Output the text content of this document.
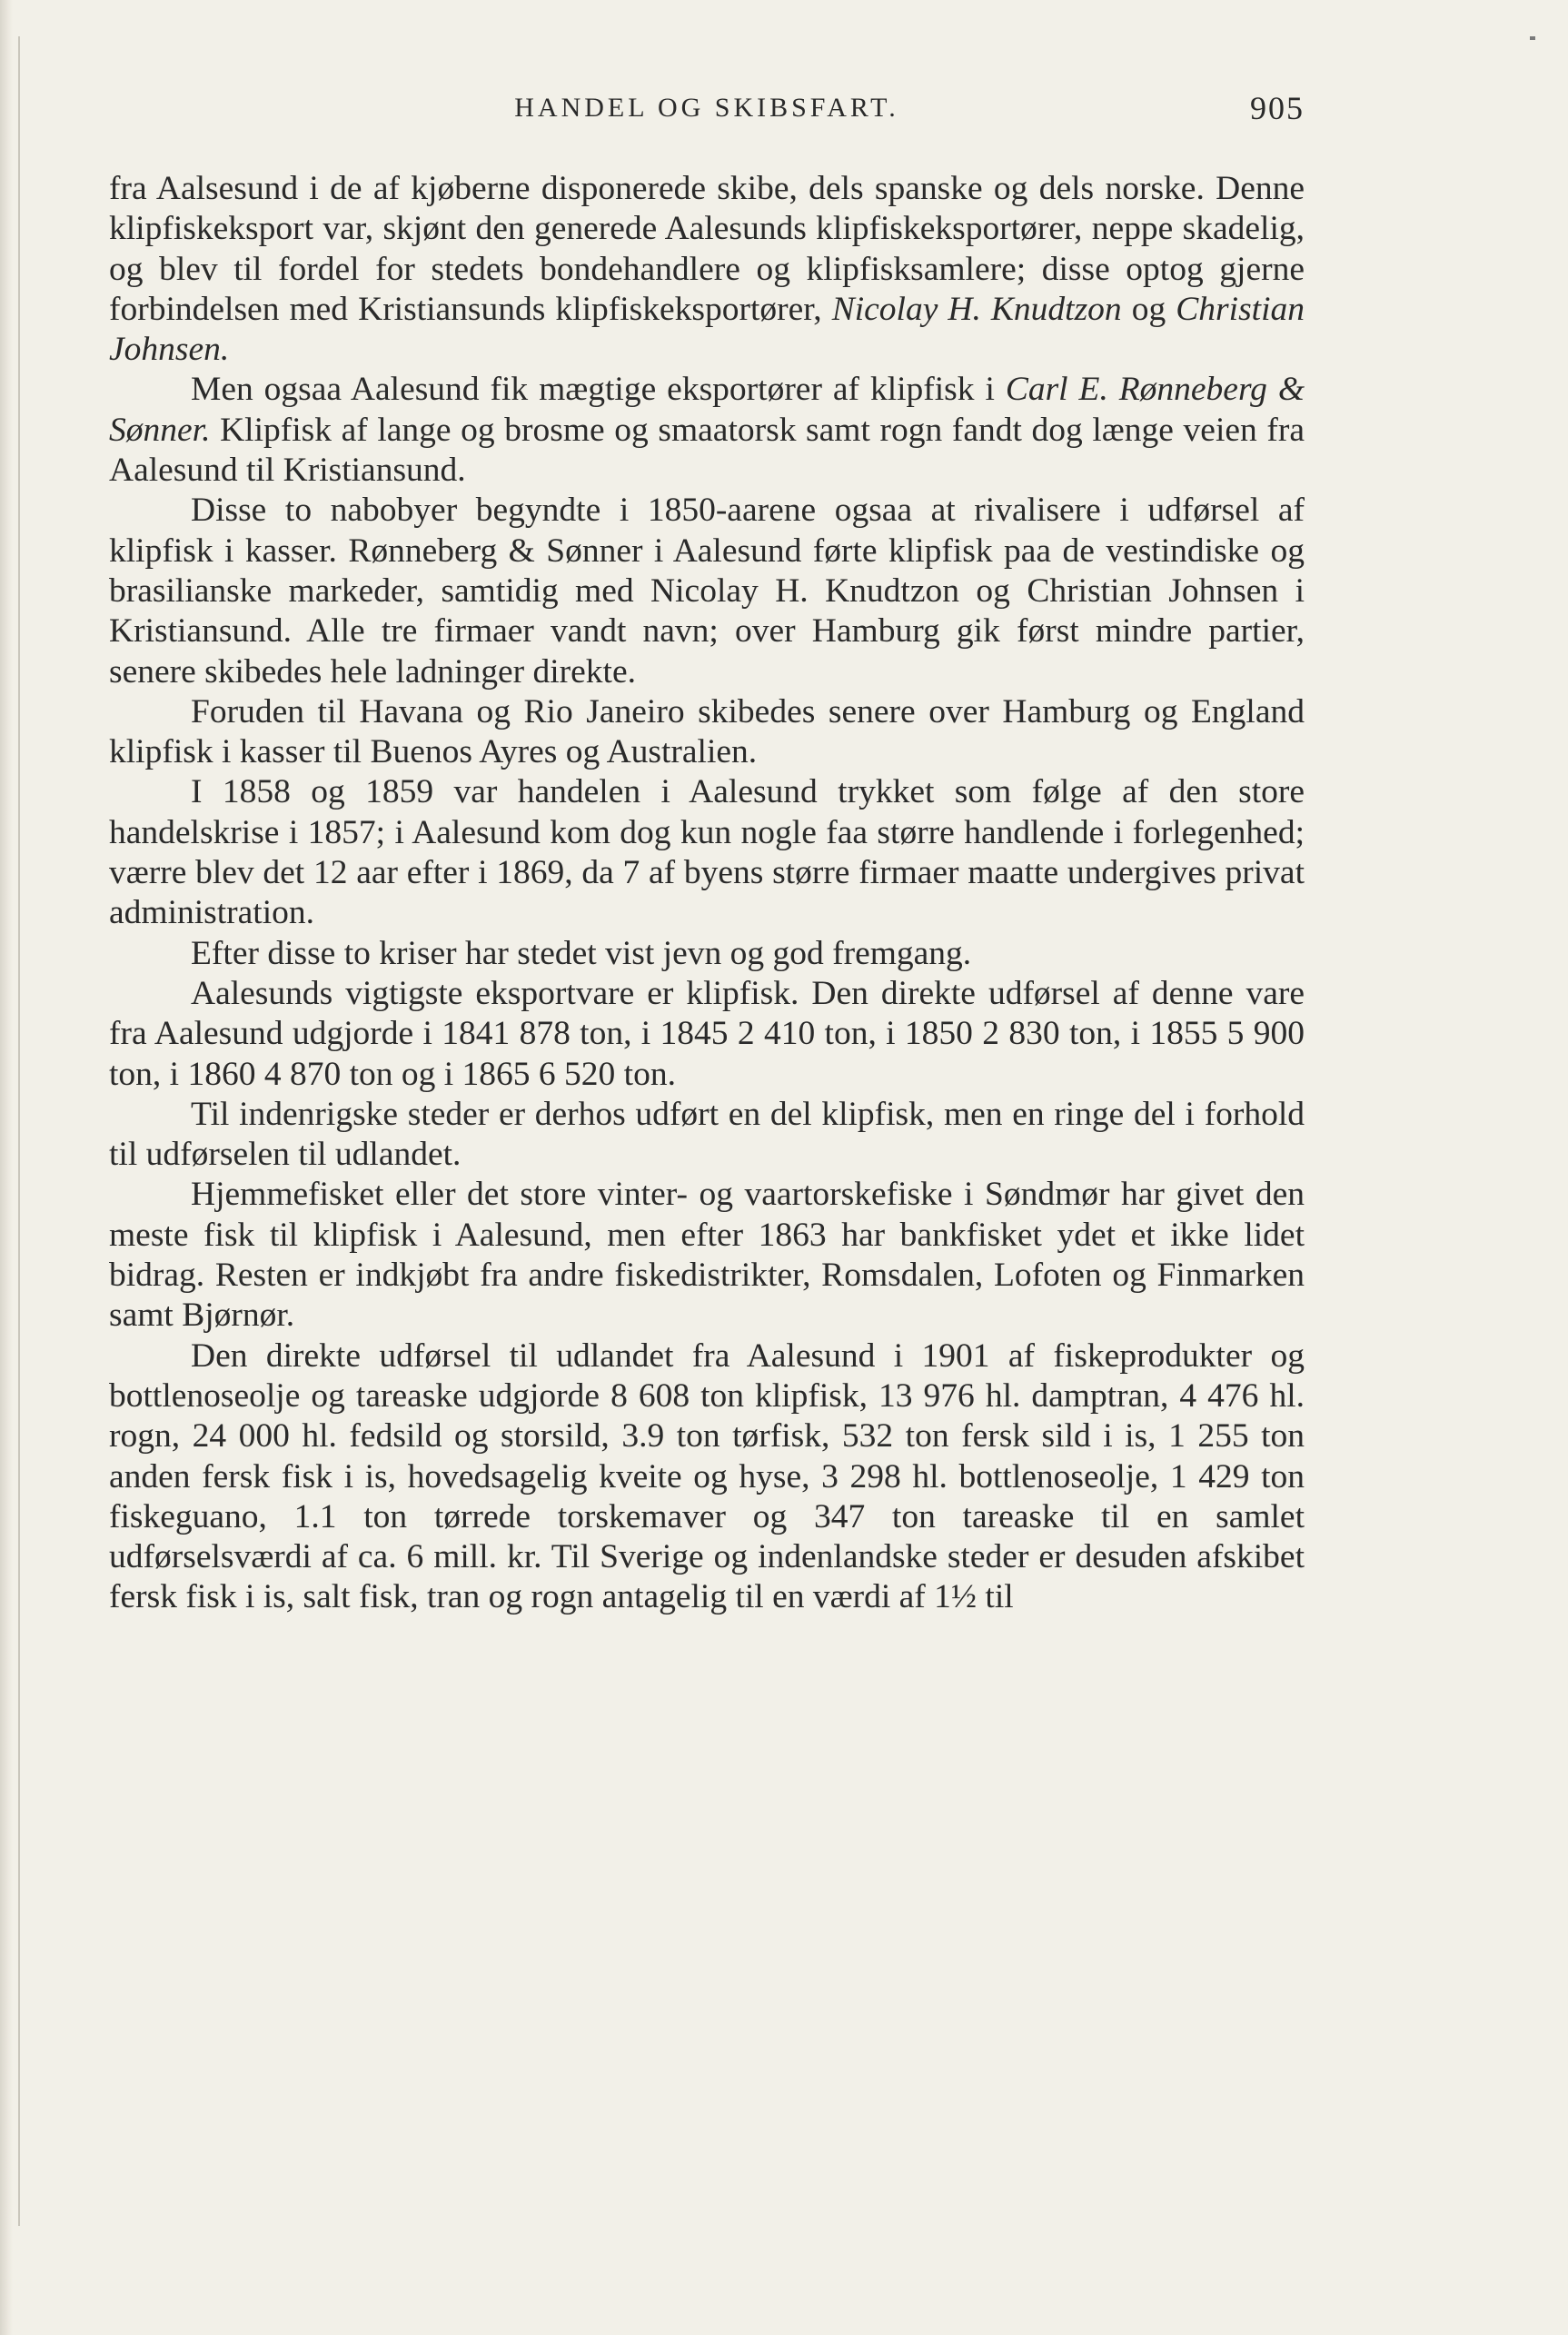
HANDEL OG SKIBSFART.	905

fra Aalsesund i de af kjøberne disponerede skibe, dels spanske og dels norske. Denne klipfiskeksport var, skjønt den generede Aalesunds klipfiskeksportører, neppe skadelig, og blev til fordel for stedets bondehandlere og klipfisksamlere; disse optog gjerne forbindelsen med Kristiansunds klipfiskeksportører, Nicolay H. Knudtzon og Christian Johnsen.

Men ogsaa Aalesund fik mægtige eksportører af klipfisk i Carl E. Rønneberg & Sønner. Klipfisk af lange og brosme og smaatorsk samt rogn fandt dog længe veien fra Aalesund til Kristiansund.

Disse to nabobyer begyndte i 1850-aarene ogsaa at rivalisere i udførsel af klipfisk i kasser. Rønneberg & Sønner i Aalesund førte klipfisk paa de vestindiske og brasilianske markeder, samtidig med Nicolay H. Knudtzon og Christian Johnsen i Kristiansund. Alle tre firmaer vandt navn; over Hamburg gik først mindre partier, senere skibedes hele ladninger direkte.

Foruden til Havana og Rio Janeiro skibedes senere over Hamburg og England klipfisk i kasser til Buenos Ayres og Australien.

I 1858 og 1859 var handelen i Aalesund trykket som følge af den store handelskrise i 1857; i Aalesund kom dog kun nogle faa større handlende i forlegenhed; værre blev det 12 aar efter i 1869, da 7 af byens større firmaer maatte undergives privat administration.

Efter disse to kriser har stedet vist jevn og god fremgang.

Aalesunds vigtigste eksportvare er klipfisk. Den direkte udførsel af denne vare fra Aalesund udgjorde i 1841 878 ton, i 1845 2 410 ton, i 1850 2 830 ton, i 1855 5 900 ton, i 1860 4 870 ton og i 1865 6 520 ton.

Til indenrigske steder er derhos udført en del klipfisk, men en ringe del i forhold til udførselen til udlandet.

Hjemmefisket eller det store vinter- og vaartorskefiske i Søndmør har givet den meste fisk til klipfisk i Aalesund, men efter 1863 har bankfisket ydet et ikke lidet bidrag. Resten er indkjøbt fra andre fiskedistrikter, Romsdalen, Lofoten og Finmarken samt Bjørnør.

Den direkte udførsel til udlandet fra Aalesund i 1901 af fiskeprodukter og bottlenoseolje og tareaske udgjorde 8 608 ton klipfisk, 13 976 hl. damptran, 4 476 hl. rogn, 24 000 hl. fedsild og storsild, 3.9 ton tørfisk, 532 ton fersk sild i is, 1 255 ton anden fersk fisk i is, hovedsagelig kveite og hyse, 3 298 hl. bottlenoseolje, 1 429 ton fiskeguano, 1.1 ton tørrede torskemaver og 347 ton tareaske til en samlet udførselsværdi af ca. 6 mill. kr. Til Sverige og indenlandske steder er desuden afskibet fersk fisk i is, salt fisk, tran og rogn antagelig til en værdi af 1½ til
